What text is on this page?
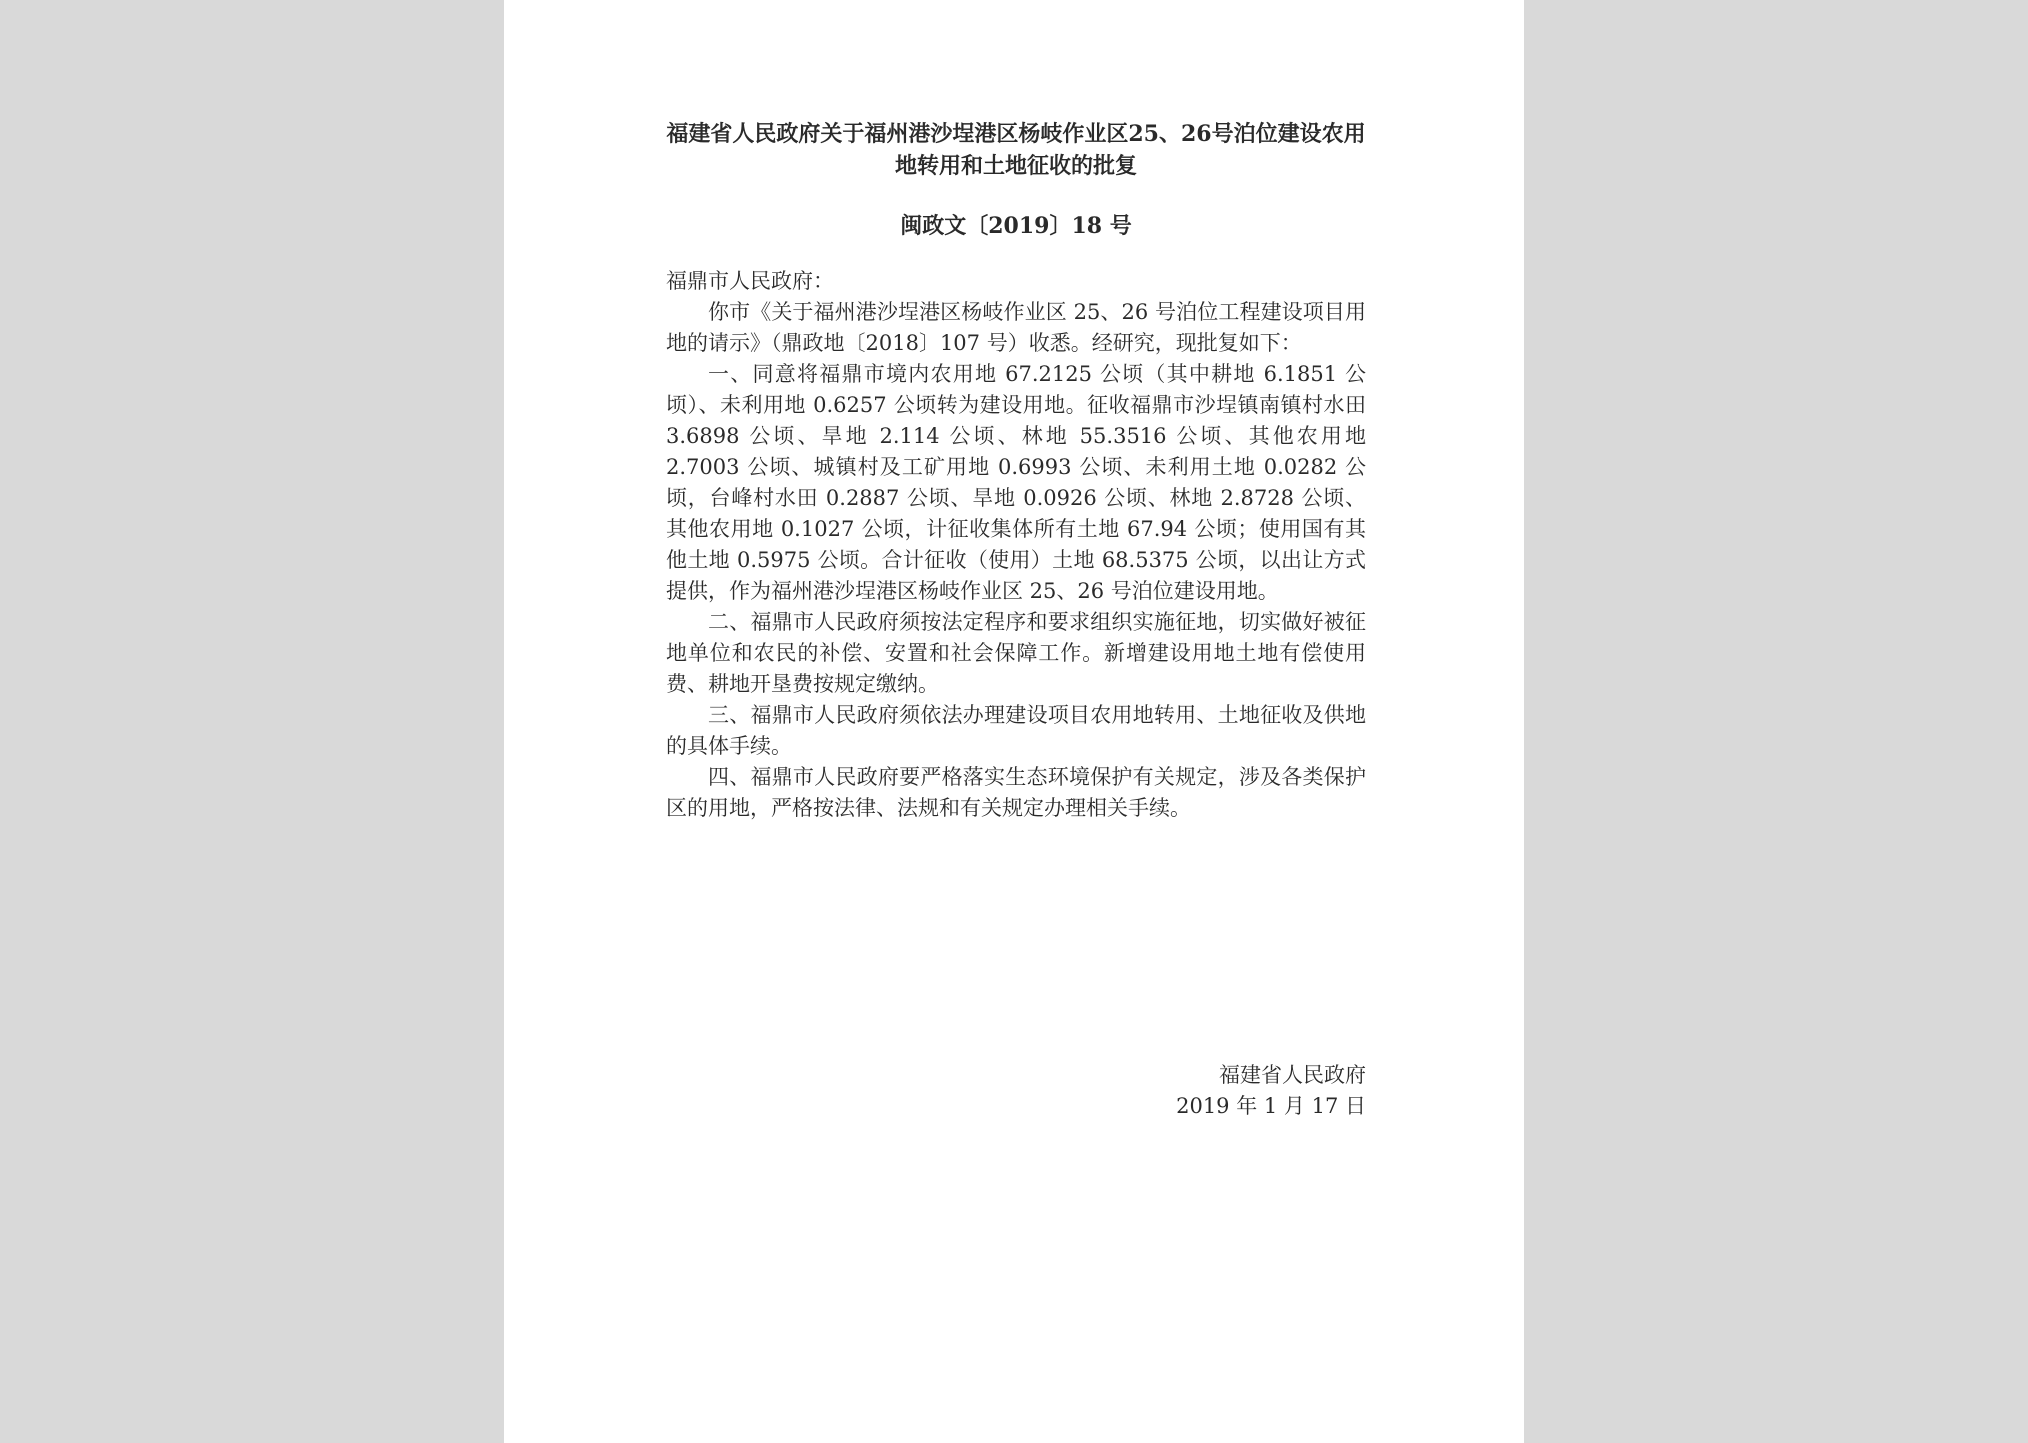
福建省人民政府关于福州港沙埕港区杨岐作业区25、26号泊位建设农用地转用和土地征收的批复
闽政文〔2019〕18 号
福鼎市人民政府：

你市《关于福州港沙埕港区杨岐作业区 25、26 号泊位工程建设项目用地的请示》（鼎政地〔2018〕107 号）收悉。经研究，现批复如下：

一、同意将福鼎市境内农用地 67.2125 公顷（其中耕地 6.1851 公顷）、未利用地 0.6257 公顷转为建设用地。征收福鼎市沙埕镇南镇村水田 3.6898 公顷、旱地 2.114 公顷、林地 55.3516 公顷、其他农用地 2.7003 公顷、城镇村及工矿用地 0.6993 公顷、未利用土地 0.0282 公顷，台峰村水田 0.2887 公顷、旱地 0.0926 公顷、林地 2.8728 公顷、其他农用地 0.1027 公顷，计征收集体所有土地 67.94 公顷；使用国有其他土地 0.5975 公顷。合计征收（使用）土地 68.5375 公顷，以出让方式提供，作为福州港沙埕港区杨岐作业区 25、26 号泊位建设用地。

二、福鼎市人民政府须按法定程序和要求组织实施征地，切实做好被征地单位和农民的补偿、安置和社会保障工作。新增建设用地土地有偿使用费、耕地开垦费按规定缴纳。

三、福鼎市人民政府须依法办理建设项目农用地转用、土地征收及供地的具体手续。

四、福鼎市人民政府要严格落实生态环境保护有关规定，涉及各类保护区的用地，严格按法律、法规和有关规定办理相关手续。

福建省人民政府
2019 年 1 月 17 日
